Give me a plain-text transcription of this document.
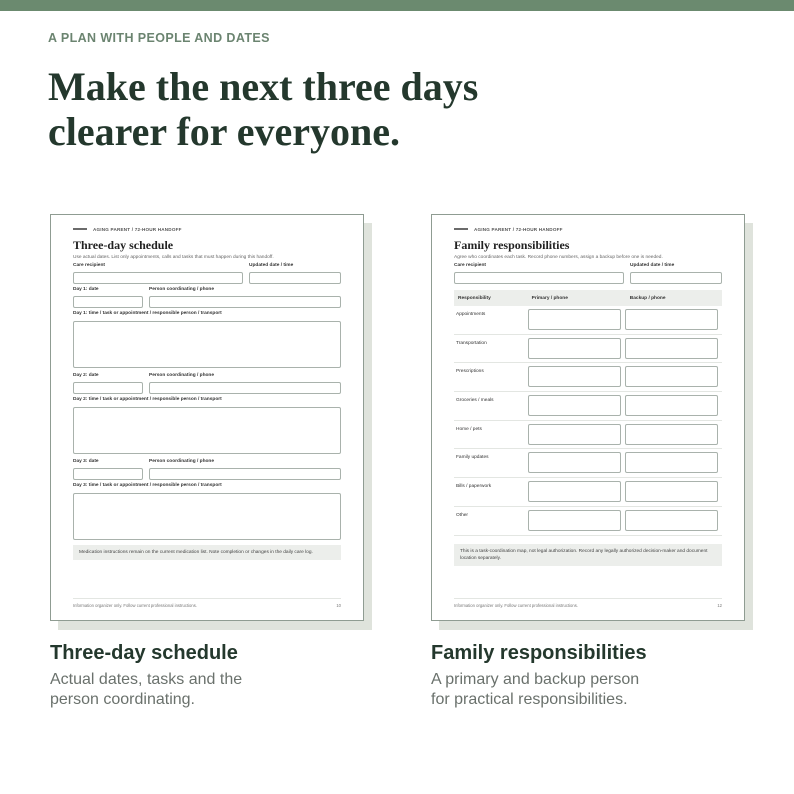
A PLAN WITH PEOPLE AND DATES
Make the next three days clearer for everyone.
AGING PARENT / 72-HOUR HANDOFF
Three-day schedule
Use actual dates. List only appointments, calls and tasks that must happen during this handoff.
Care recipient	Updated date / time
Day 1: date	Person coordinating / phone
Day 1: time / task or appointment / responsible person / transport
Day 2: date	Person coordinating / phone
Day 2: time / task or appointment / responsible person / transport
Day 3: date	Person coordinating / phone
Day 3: time / task or appointment / responsible person / transport
Medication instructions remain on the current medication list. Note completion or changes in the daily care log.
Information organizer only. Follow current professional instructions.	10
AGING PARENT / 72-HOUR HANDOFF
Family responsibilities
Agree who coordinates each task. Record phone numbers, assign a backup before one is needed.
Care recipient	Updated date / time
Responsibility	Primary / phone	Backup / phone
Appointments
Transportation
Prescriptions
Groceries / meals
Home / pets
Family updates
Bills / paperwork
Other
This is a task-coordination map, not legal authorization. Record any legally authorized decision-maker and document location separately.
Information organizer only. Follow current professional instructions.	12
Three-day schedule

Actual dates, tasks and the person coordinating.

Family responsibilities

A primary and backup person for practical responsibilities.
